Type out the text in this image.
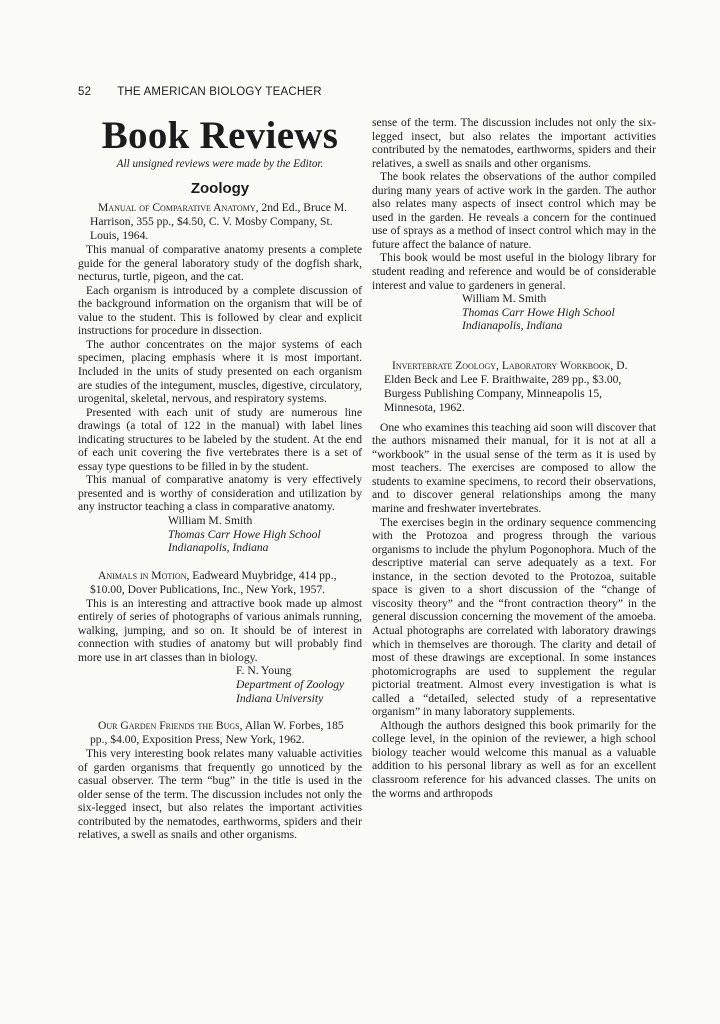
52 THE AMERICAN BIOLOGY TEACHER
Book Reviews
All unsigned reviews were made by the Editor.
Zoology

Manual of Comparative Anatomy, 2nd Ed., Bruce M. Harrison, 355 pp., $4.50, C. V. Mosby Company, St. Louis, 1964.

This manual of comparative anatomy presents a complete guide for the general laboratory study of the dogfish shark, necturus, turtle, pigeon, and the cat.

Each organism is introduced by a complete discussion of the background information on the organism that will be of value to the student. This is followed by clear and explicit instructions for procedure in dissection.

The author concentrates on the major systems of each specimen, placing emphasis where it is most important. Included in the units of study presented on each organism are studies of the integument, muscles, digestive, circulatory, urogenital, skeletal, nervous, and respiratory systems.

Presented with each unit of study are numerous line drawings (a total of 122 in the manual) with label lines indicating structures to be labeled by the student. At the end of each unit covering the five vertebrates there is a set of essay type questions to be filled in by the student.

This manual of comparative anatomy is very effectively presented and is worthy of consideration and utilization by any instructor teaching a class in comparative anatomy.

William M. Smith

Thomas Carr Howe High School

Indianapolis, Indiana

Animals in Motion, Eadweard Muybridge, 414 pp., $10.00, Dover Publications, Inc., New York, 1957.

This is an interesting and attractive book made up almost entirely of series of photographs of various animals running, walking, jumping, and so on. It should be of interest in connection with studies of anatomy but will probably find more use in art classes than in biology.

F. N. Young

Department of Zoology

Indiana University

Our Garden Friends the Bugs, Allan W. Forbes, 185 pp., $4.00, Exposition Press, New York, 1962.

This very interesting book relates many valuable activities of garden organisms that frequently go unnoticed by the casual observer. The term “bug” in the title is used in the older sense of the term. The discussion includes not only the six-legged insect, but also relates the important activities contributed by the nematodes, earthworms, spiders and their relatives, a swell as snails and other organisms.

sense of the term. The discussion includes not only the six-legged insect, but also relates the important activities contributed by the nematodes, earthworms, spiders and their relatives, a swell as snails and other organisms.

The book relates the observations of the author compiled during many years of active work in the garden. The author also relates many aspects of insect control which may be used in the garden. He reveals a concern for the continued use of sprays as a method of insect control which may in the future affect the balance of nature.

This book would be most useful in the biology library for student reading and reference and would be of considerable interest and value to gardeners in general.

William M. Smith

Thomas Carr Howe High School

Indianapolis, Indiana

Invertebrate Zoology, Laboratory Workbook, D. Elden Beck and Lee F. Braithwaite, 289 pp., $3.00, Burgess Publishing Company, Minneapolis 15, Minnesota, 1962.

One who examines this teaching aid soon will discover that the authors misnamed their manual, for it is not at all a “workbook” in the usual sense of the term as it is used by most teachers. The exercises are composed to allow the students to examine specimens, to record their observations, and to discover general relationships among the many marine and freshwater invertebrates.

The exercises begin in the ordinary sequence commencing with the Protozoa and progress through the various organisms to include the phylum Pogonophora. Much of the descriptive material can serve adequately as a text. For instance, in the section devoted to the Protozoa, suitable space is given to a short discussion of the “change of viscosity theory” and the “front contraction theory” in the general discussion concerning the movement of the amoeba. Actual photographs are correlated with laboratory drawings which in themselves are thorough. The clarity and detail of most of these drawings are exceptional. In some instances photomicrographs are used to supplement the regular pictorial treatment. Almost every investigation is what is called a “detailed, selected study of a representative organism” in many laboratory supplements.

Although the authors designed this book primarily for the college level, in the opinion of the reviewer, a high school biology teacher would welcome this manual as a valuable addition to his personal library as well as for an excellent classroom reference for his advanced classes. The units on the worms and arthropods
